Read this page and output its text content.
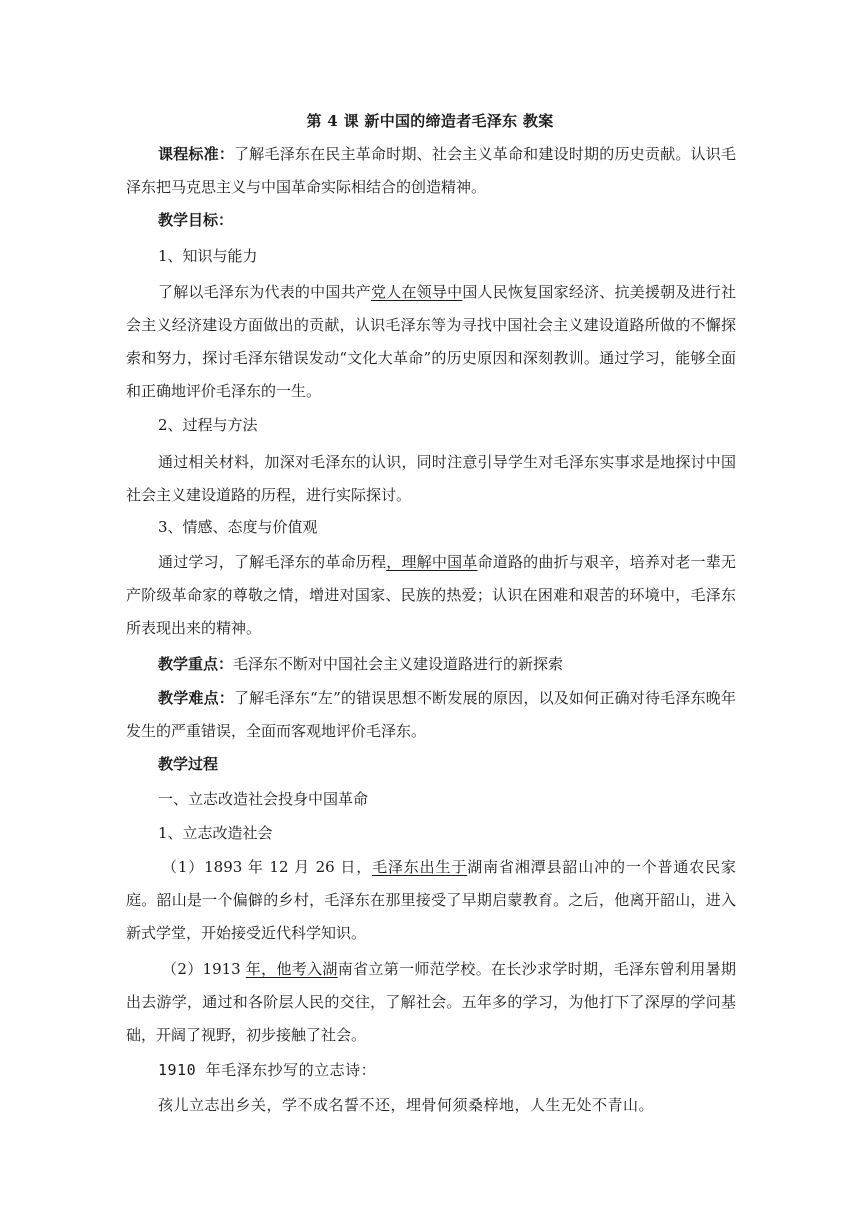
第 4 课 新中国的缔造者毛泽东 教案

课程标准：了解毛泽东在民主革命时期、社会主义革命和建设时期的历史贡献。认识毛泽东把马克思主义与中国革命实际相结合的创造精神。

教学目标：

1、知识与能力

了解以毛泽东为代表的中国共产党人在领导中国人民恢复国家经济、抗美援朝及进行社会主义经济建设方面做出的贡献，认识毛泽东等为寻找中国社会主义建设道路所做的不懈探索和努力，探讨毛泽东错误发动“文化大革命”的历史原因和深刻教训。通过学习，能够全面和正确地评价毛泽东的一生。

2、过程与方法

通过相关材料，加深对毛泽东的认识，同时注意引导学生对毛泽东实事求是地探讨中国社会主义建设道路的历程，进行实际探讨。

3、情感、态度与价值观

通过学习，了解毛泽东的革命历程，理解中国革命道路的曲折与艰辛，培养对老一辈无产阶级革命家的尊敬之情，增进对国家、民族的热爱；认识在困难和艰苦的环境中，毛泽东所表现出来的精神。

教学重点：毛泽东不断对中国社会主义建设道路进行的新探索

教学难点：了解毛泽东“左”的错误思想不断发展的原因，以及如何正确对待毛泽东晚年发生的严重错误，全面而客观地评价毛泽东。

教学过程

一、立志改造社会投身中国革命

1、立志改造社会

（1）1893 年 12 月 26 日，毛泽东出生于湖南省湘潭县韶山冲的一个普通农民家庭。韶山是一个偏僻的乡村，毛泽东在那里接受了早期启蒙教育。之后，他离开韶山，进入新式学堂，开始接受近代科学知识。

（2）1913 年，他考入湖南省立第一师范学校。在长沙求学时期，毛泽东曾利用暑期出去游学，通过和各阶层人民的交往，了解社会。五年多的学习，为他打下了深厚的学问基础，开阔了视野，初步接触了社会。

1910 年毛泽东抄写的立志诗：

孩儿立志出乡关，学不成名誓不还，埋骨何须桑梓地，人生无处不青山。
